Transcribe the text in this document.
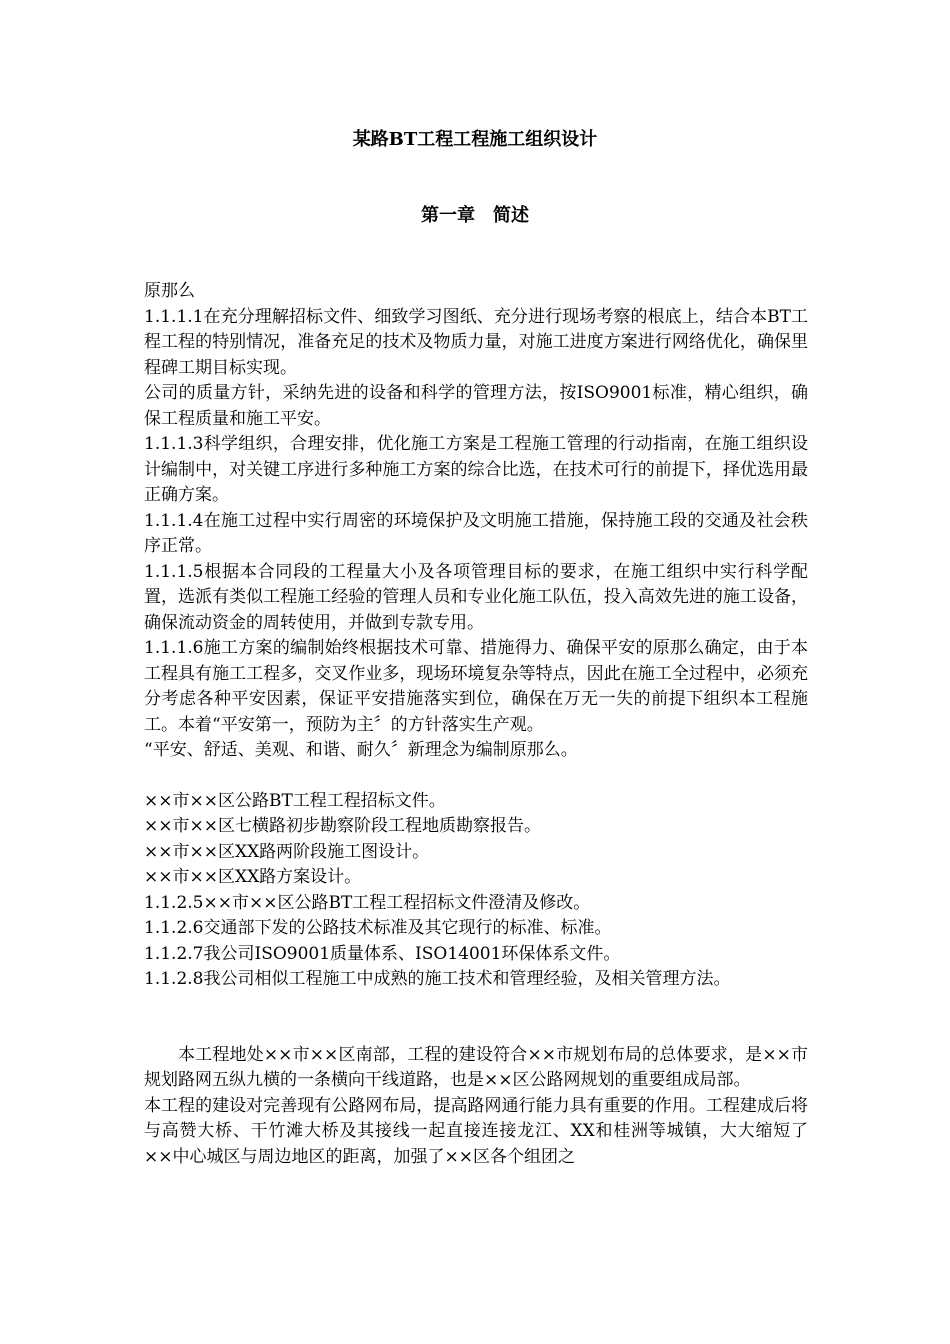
某路BT工程工程施工组织设计
第一章　简述

原那么

1.1.1.1在充分理解招标文件、细致学习图纸、充分进行现场考察的根底上，结合本BT工程工程的特别情况，准备充足的技术及物质力量，对施工进度方案进行网络优化，确保里程碑工期目标实现。

公司的质量方针，采纳先进的设备和科学的管理方法，按ISO9001标准，精心组织，确保工程质量和施工平安。

1.1.1.3科学组织，合理安排，优化施工方案是工程施工管理的行动指南，在施工组织设计编制中，对关键工序进行多种施工方案的综合比选，在技术可行的前提下，择优选用最正确方案。

1.1.1.4在施工过程中实行周密的环境保护及文明施工措施，保持施工段的交通及社会秩序正常。

1.1.1.5根据本合同段的工程量大小及各项管理目标的要求，在施工组织中实行科学配置，选派有类似工程施工经验的管理人员和专业化施工队伍，投入高效先进的施工设备，确保流动资金的周转使用，并做到专款专用。

1.1.1.6施工方案的编制始终根据技术可靠、措施得力、确保平安的原那么确定，由于本工程具有施工工程多，交叉作业多，现场环境复杂等特点，因此在施工全过程中，必须充分考虑各种平安因素，保证平安措施落实到位，确保在万无一失的前提下组织本工程施工。本着“平安第一，预防为主〞的方针落实生产观。

“平安、舒适、美观、和谐、耐久〞新理念为编制原那么。

××市××区公路BT工程工程招标文件。

××市××区七横路初步勘察阶段工程地质勘察报告。

××市××区XX路两阶段施工图设计。

××市××区XX路方案设计。

1.1.2.5××市××区公路BT工程工程招标文件澄清及修改。

1.1.2.6交通部下发的公路技术标准及其它现行的标准、标准。

1.1.2.7我公司ISO9001质量体系、ISO14001环保体系文件。

1.1.2.8我公司相似工程施工中成熟的施工技术和管理经验，及相关管理方法。

本工程地处××市××区南部，工程的建设符合××市规划布局的总体要求，是××市规划路网五纵九横的一条横向干线道路，也是××区公路网规划的重要组成局部。

本工程的建设对完善现有公路网布局，提高路网通行能力具有重要的作用。工程建成后将与高赞大桥、干竹滩大桥及其接线一起直接连接龙江、XX和桂洲等城镇，大大缩短了××中心城区与周边地区的距离，加强了××区各个组团之
